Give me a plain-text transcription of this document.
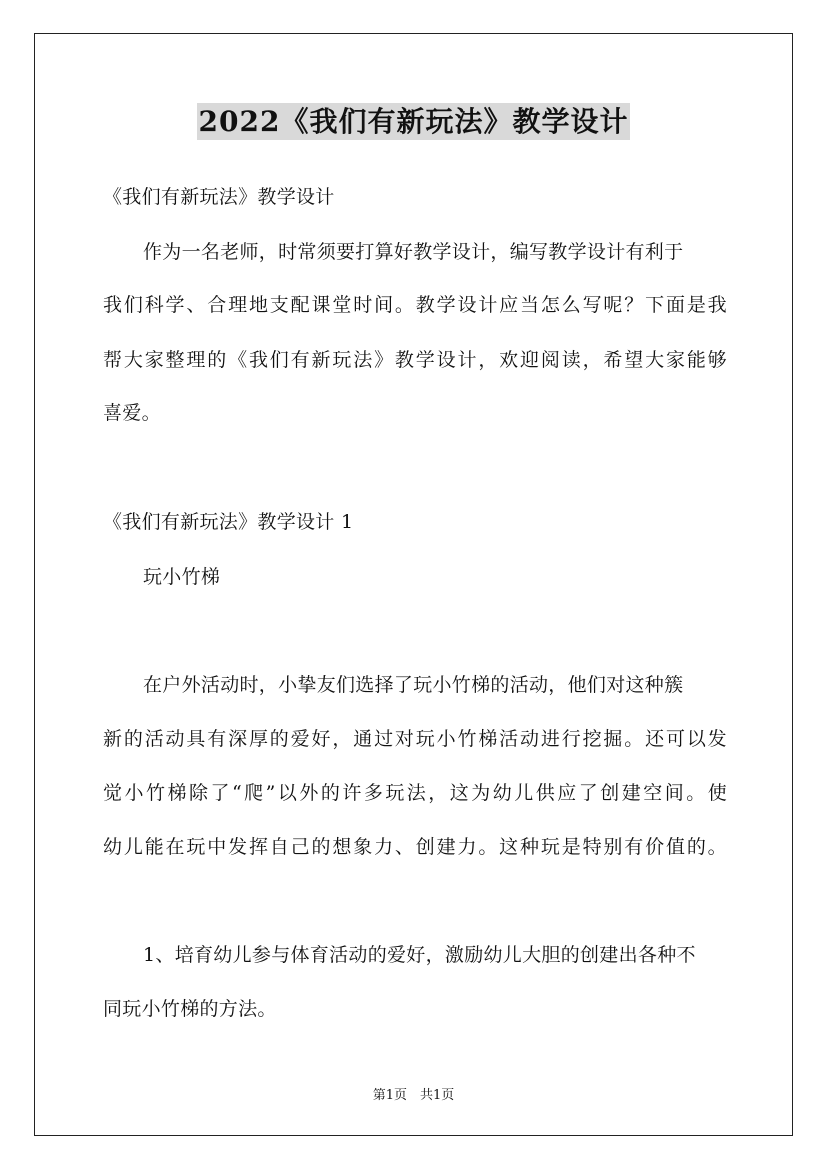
2022《我们有新玩法》教学设计
《我们有新玩法》教学设计
作为一名老师，时常须要打算好教学设计，编写教学设计有利于
我们科学、合理地支配课堂时间。教学设计应当怎么写呢？下面是我
帮大家整理的《我们有新玩法》教学设计，欢迎阅读，希望大家能够
喜爱。
《我们有新玩法》教学设计 1
玩小竹梯
在户外活动时，小挚友们选择了玩小竹梯的活动，他们对这种簇
新的活动具有深厚的爱好，通过对玩小竹梯活动进行挖掘。还可以发
觉小竹梯除了“爬”以外的许多玩法，这为幼儿供应了创建空间。使
幼儿能在玩中发挥自己的想象力、创建力。这种玩是特别有价值的。
1、培育幼儿参与体育活动的爱好，激励幼儿大胆的创建出各种不
同玩小竹梯的方法。
第1页　共1页
